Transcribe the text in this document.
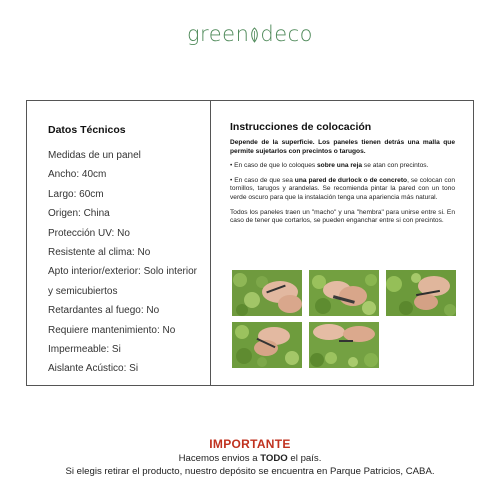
green deco
Datos Técnicos
Medidas de un panel
Ancho: 40cm
Largo: 60cm
Origen: China
Protección UV: No
Resistente al clima: No
Apto interior/exterior: Solo interior
y semicubiertos
Retardantes al fuego: No
Requiere mantenimiento: No
Impermeable: Si
Aislante Acústico: Si
Instrucciones de colocación
Depende de la superficie. Los paneles tienen detrás una malla que permite sujetarlos con precintos o tarugos.
• En caso de que lo coloques sobre una reja se atan con precintos.
• En caso de que sea una pared de durlock o de concreto, se colocan con tornillos, tarugos y arandelas. Se recomienda pintar la pared con un tono verde oscuro para que la instalación tenga una apariencia más natural.
Todos los paneles traen un "macho" y una "hembra" para unirse entre si. En caso de tener que cortarlos, se pueden enganchar entre si con precintos.
IMPORTANTE
Hacemos envios a TODO el país.
Si elegis retirar el producto, nuestro depósito se encuentra en Parque Patricios, CABA.
